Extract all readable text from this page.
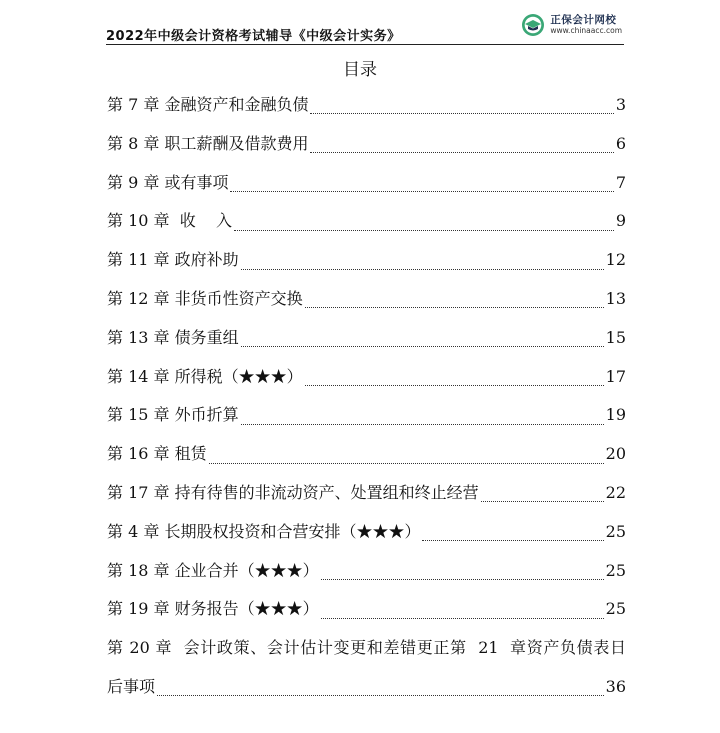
2022年中级会计资格考试辅导《中级会计实务》
正保会计网校
www.chinaacc.com
目录
第 7 章 金融资产和金融负债	3
第 8 章 职工薪酬及借款费用	6
第 9 章 或有事项	7
第 10 章  收    入	9
第 11 章 政府补助	12
第 12 章 非货币性资产交换	13
第 13 章 债务重组	15
第 14 章 所得税（★★★）	17
第 15 章 外币折算	19
第 16 章 租赁	20
第 17 章 持有待售的非流动资产、处置组和终止经营	22
第 4 章 长期股权投资和合营安排（★★★）	25
第 18 章 企业合并（★★★）	25
第 19 章 财务报告（★★★）	25
第 20 章  会计政策、会计估计变更和差错更正第  21  章资产负债表日
后事项	36
